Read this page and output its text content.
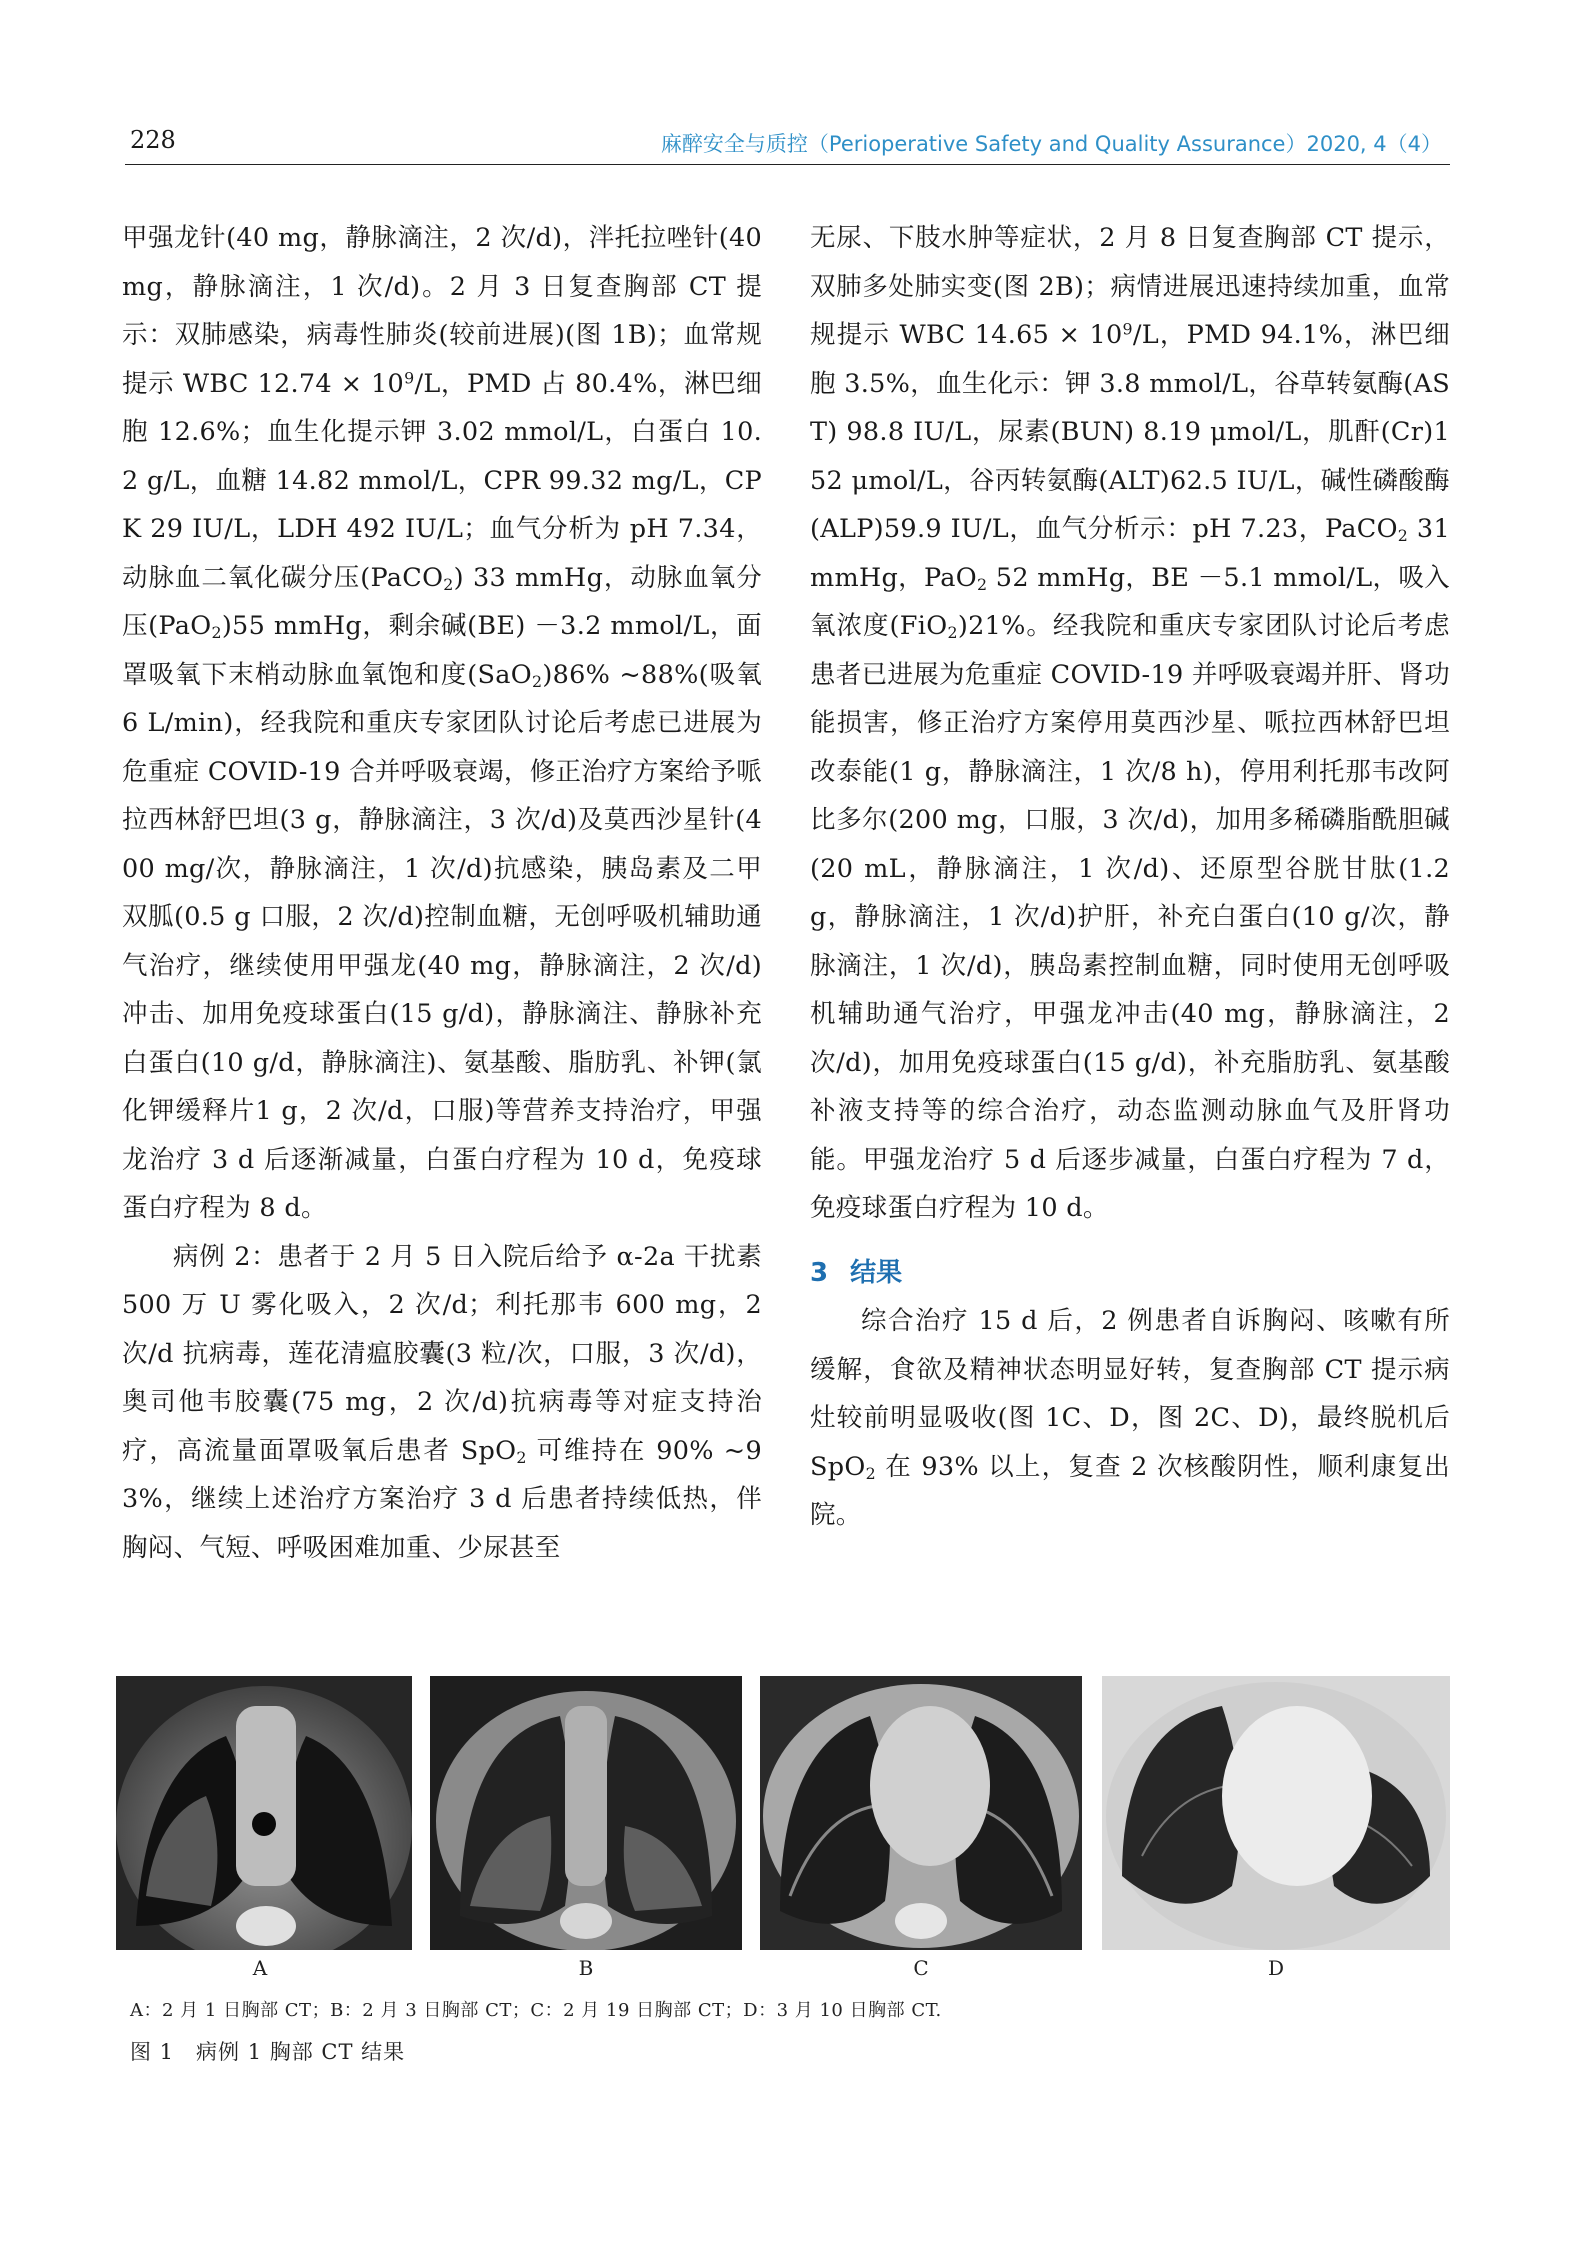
228	麻醉安全与质控（Perioperative Safety and Quality Assurance）2020, 4（4）

甲强龙针(40 mg，静脉滴注，2 次/d)，泮托拉唑针(40 mg，静脉滴注，1 次/d)。2 月 3 日复查胸部 CT 提示：双肺感染，病毒性肺炎(较前进展)(图 1B)；血常规提示 WBC $12.74 \times 10^9/L$，PMD 占 80.4%，淋巴细胞 12.6%；血生化提示钾 3.02 mmol/L，白蛋白 10.2 g/L，血糖 14.82 mmol/L，CPR 99.32 mg/L，CPK 29 IU/L，LDH 492 IU/L；血气分析为 pH 7.34，动脉血二氧化碳分压(PaCO$_2$) 33 mmHg，动脉血氧分压(PaO$_2$)55 mmHg，剩余碱(BE) －3.2 mmol/L，面罩吸氧下末梢动脉血氧饱和度(SaO$_2$)86% ~88%(吸氧6 L/min)，经我院和重庆专家团队讨论后考虑已进展为危重症 COVID-19 合并呼吸衰竭，修正治疗方案给予哌拉西林舒巴坦(3 g，静脉滴注，3 次/d)及莫西沙星针(400 mg/次，静脉滴注，1 次/d)抗感染，胰岛素及二甲双胍(0.5 g 口服，2 次/d)控制血糖，无创呼吸机辅助通气治疗，继续使用甲强龙(40 mg，静脉滴注，2 次/d)冲击、加用免疫球蛋白(15 g/d)，静脉滴注、静脉补充白蛋白(10 g/d，静脉滴注)、氨基酸、脂肪乳、补钾(氯化钾缓释片1 g，2 次/d，口服)等营养支持治疗，甲强龙治疗 3 d 后逐渐减量，白蛋白疗程为 10 d，免疫球蛋白疗程为 8 d。

病例 2：患者于 2 月 5 日入院后给予 α-2a 干扰素 500 万 U 雾化吸入，2 次/d；利托那韦 600 mg，2 次/d 抗病毒，莲花清瘟胶囊(3 粒/次，口服，3 次/d)，奥司他韦胶囊(75 mg，2 次/d)抗病毒等对症支持治疗，高流量面罩吸氧后患者 SpO$_2$ 可维持在 90% ~93%，继续上述治疗方案治疗 3 d 后患者持续低热，伴胸闷、气短、呼吸困难加重、少尿甚至

无尿、下肢水肿等症状，2 月 8 日复查胸部 CT 提示，双肺多处肺实变(图 2B)；病情进展迅速持续加重，血常规提示 WBC $14.65 \times 10^9/L$，PMD 94.1%，淋巴细胞 3.5%，血生化示：钾 3.8 mmol/L，谷草转氨酶(AST) 98.8 IU/L，尿素(BUN) 8.19 μmol/L，肌酐(Cr)152 μmol/L，谷丙转氨酶(ALT)62.5 IU/L，碱性磷酸酶(ALP)59.9 IU/L，血气分析示：pH 7.23，PaCO$_2$ 31 mmHg，PaO$_2$ 52 mmHg，BE －5.1 mmol/L，吸入氧浓度(FiO$_2$)21%。经我院和重庆专家团队讨论后考虑患者已进展为危重症 COVID-19 并呼吸衰竭并肝、肾功能损害，修正治疗方案停用莫西沙星、哌拉西林舒巴坦改泰能(1 g，静脉滴注，1 次/8 h)，停用利托那韦改阿比多尔(200 mg，口服，3 次/d)，加用多稀磷脂酰胆碱(20 mL，静脉滴注，1 次/d)、还原型谷胱甘肽(1.2 g，静脉滴注，1 次/d)护肝，补充白蛋白(10 g/次，静脉滴注，1 次/d)，胰岛素控制血糖，同时使用无创呼吸机辅助通气治疗，甲强龙冲击(40 mg，静脉滴注，2 次/d)，加用免疫球蛋白(15 g/d)，补充脂肪乳、氨基酸补液支持等的综合治疗，动态监测动脉血气及肝肾功能。甲强龙治疗 5 d 后逐步减量，白蛋白疗程为 7 d，免疫球蛋白疗程为 10 d。

3 结果

综合治疗 15 d 后，2 例患者自诉胸闷、咳嗽有所缓解，食欲及精神状态明显好转，复查胸部 CT 提示病灶较前明显吸收(图 1C、D，图 2C、D)，最终脱机后 SpO$_2$ 在 93% 以上，复查 2 次核酸阴性，顺利康复出院。

A	B	C	D
A：2 月 1 日胸部 CT；B：2 月 3 日胸部 CT；C：2 月 19 日胸部 CT；D：3 月 10 日胸部 CT.
图 1　病例 1 胸部 CT 结果
